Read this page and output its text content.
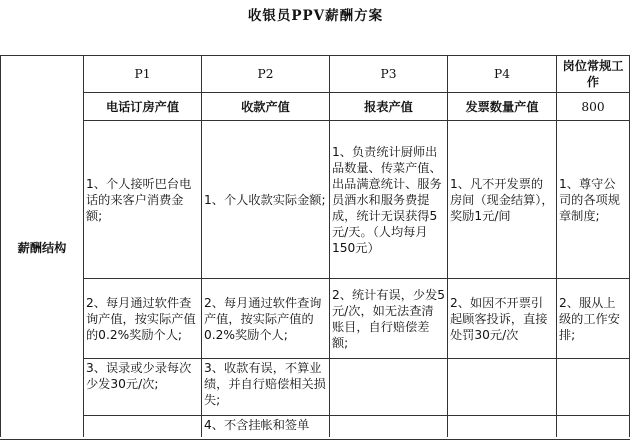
收银员PPV薪酬方案
薪酬结构	P1	P2	P3	P4	岗位常规工作
	电话订房产值	收款产值	报表产值	发票数量产值	800
	1、个人接听巴台电话的来客户消费金额;	1、个人收款实际金额;	1、负责统计厨师出品数量、传菜产值、出品满意统计、服务员酒水和服务费提成，统计无误获得5元/天。（人均每月150元）	1、凡不开发票的房间（现金结算），奖励1元/间	1、尊守公司的各项规章制度;
	2、每月通过软件查询产值，按实际产值的0.2%奖励个人;	2、每月通过软件查询产值，按实际产值的0.2%奖励个人;	2、统计有误，少发5元/次，如无法查清账目，自行赔偿差额;	2、如因不开票引起顾客投诉，直接处罚30元/次	2、服从上级的工作安排;
	3、误录或少录每次少发30元/次;	3、收款有误，不算业绩，并自行赔偿相关损失;			
		4、不含挂帐和签单			
